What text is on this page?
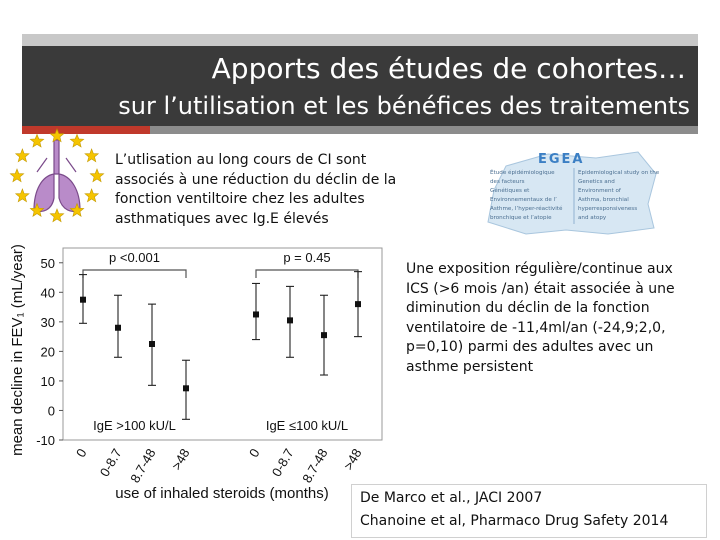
Apports des études de cohortes…
sur l’utilisation et les bénéfices des traitements
L’utlisation au long cours de CI sont associés à une réduction du déclin de la fonction ventiltoire chez les adultes asthmatiques avec Ig.E élevés
EGEA
Étude épidémiologique
des facteurs
Génétiques et
Environnementaux de l’
Asthme, l’hyper-réactivité
bronchique et l’atopie
Epidemiological study on the
Genetics and
Environment of
Asthma, bronchial
hyperresponsiveness
and atopy
Une exposition régulière/continue aux ICS (>6 mois /an) était associée à une diminution du déclin de la fonction ventilatoire de -11,4ml/an (-24,9;2,0, p=0,10) parmi des adultes avec un asthme persistent
-10
0
10
20
30
40
50	p <0.001
IgE >100 kU/L
p = 0.45
IgE ≤100 kU/L
0 0-8.7 8.7-48 >48	0 0-8.7 8.7-48 >48
mean decline in FEV₁ (mL/year)
use of inhaled steroids (months) De Marco et al., JACI 2007
Chanoine et al, Pharmaco Drug Safety 2014
